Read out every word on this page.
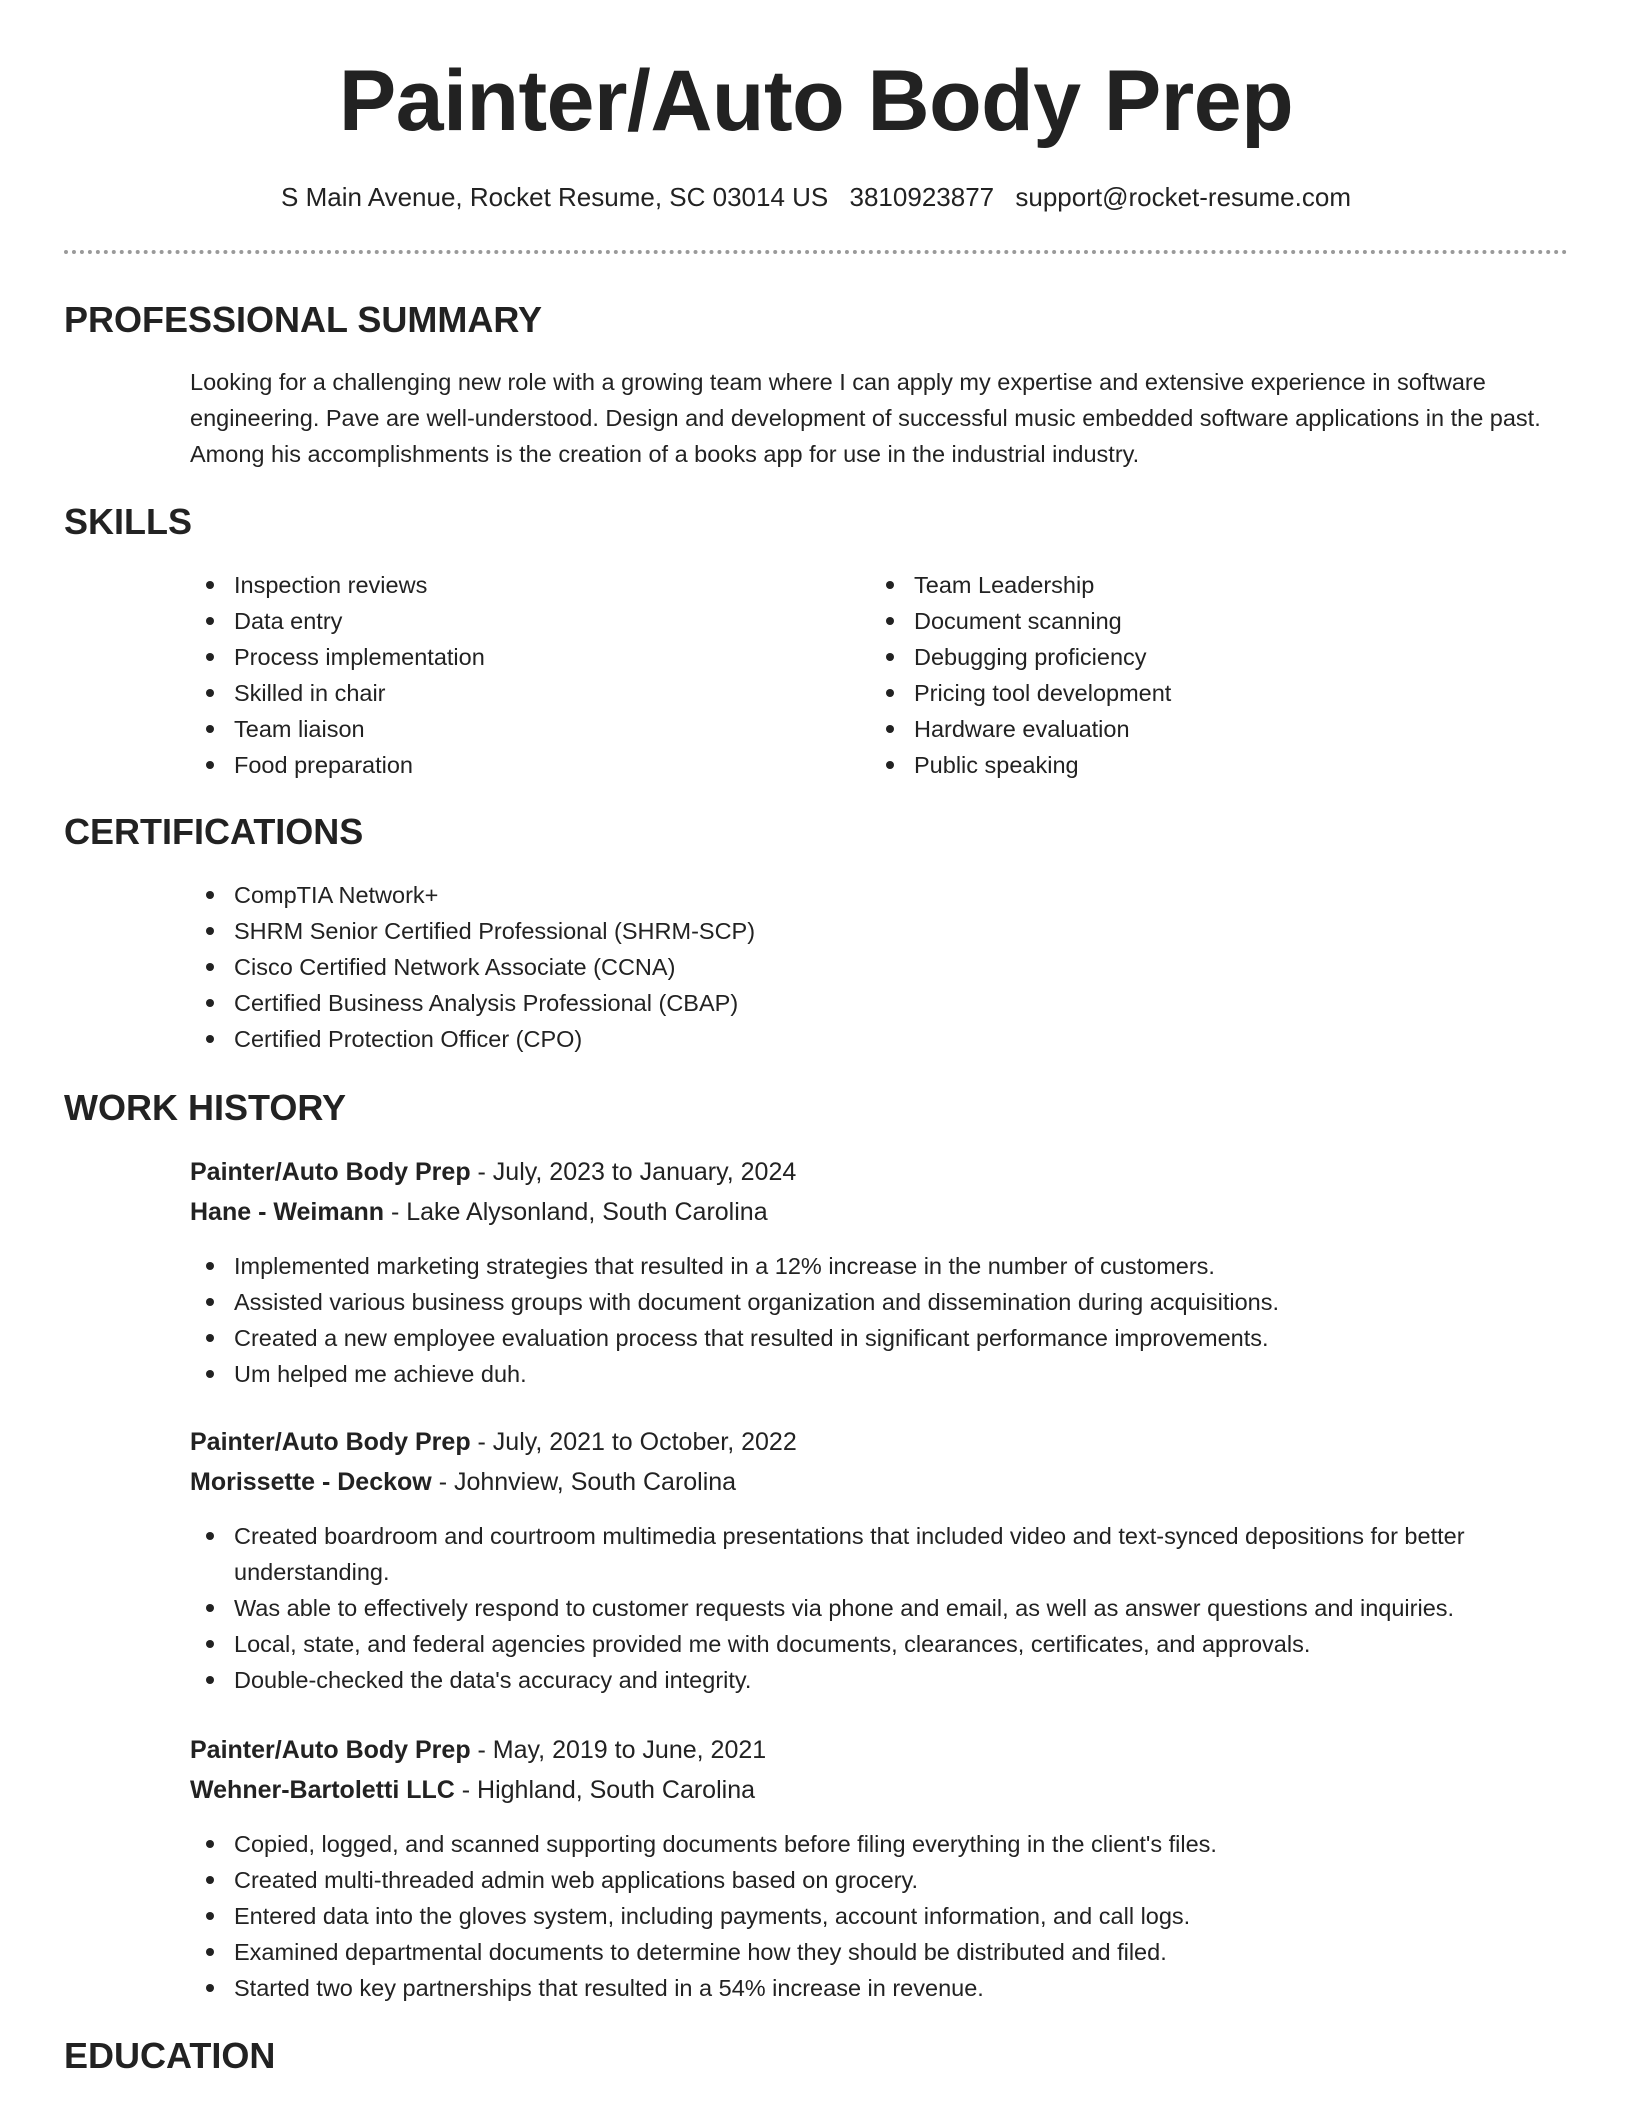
Painter/Auto Body Prep
S Main Avenue, Rocket Resume, SC 03014 US 3810923877 support@rocket-resume.com
PROFESSIONAL SUMMARY

Looking for a challenging new role with a growing team where I can apply my expertise and extensive experience in software engineering. Pave are well-understood. Design and development of successful music embedded software applications in the past. Among his accomplishments is the creation of a books app for use in the industrial industry.

SKILLS
Inspection reviews
Data entry
Process implementation
Skilled in chair
Team liaison
Food preparation
Team Leadership
Document scanning
Debugging proficiency
Pricing tool development
Hardware evaluation
Public speaking
CERTIFICATIONS
CompTIA Network+
SHRM Senior Certified Professional (SHRM-SCP)
Cisco Certified Network Associate (CCNA)
Certified Business Analysis Professional (CBAP)
Certified Protection Officer (CPO)
WORK HISTORY
Painter/Auto Body Prep - July, 2023 to January, 2024
Hane - Weimann - Lake Alysonland, South Carolina
Implemented marketing strategies that resulted in a 12% increase in the number of customers.
Assisted various business groups with document organization and dissemination during acquisitions.
Created a new employee evaluation process that resulted in significant performance improvements.
Um helped me achieve duh.
Painter/Auto Body Prep - July, 2021 to October, 2022
Morissette - Deckow - Johnview, South Carolina
Created boardroom and courtroom multimedia presentations that included video and text-synced depositions for better understanding.
Was able to effectively respond to customer requests via phone and email, as well as answer questions and inquiries.
Local, state, and federal agencies provided me with documents, clearances, certificates, and approvals.
Double-checked the data's accuracy and integrity.
Painter/Auto Body Prep - May, 2019 to June, 2021
Wehner-Bartoletti LLC - Highland, South Carolina
Copied, logged, and scanned supporting documents before filing everything in the client's files.
Created multi-threaded admin web applications based on grocery.
Entered data into the gloves system, including payments, account information, and call logs.
Examined departmental documents to determine how they should be distributed and filed.
Started two key partnerships that resulted in a 54% increase in revenue.
EDUCATION
